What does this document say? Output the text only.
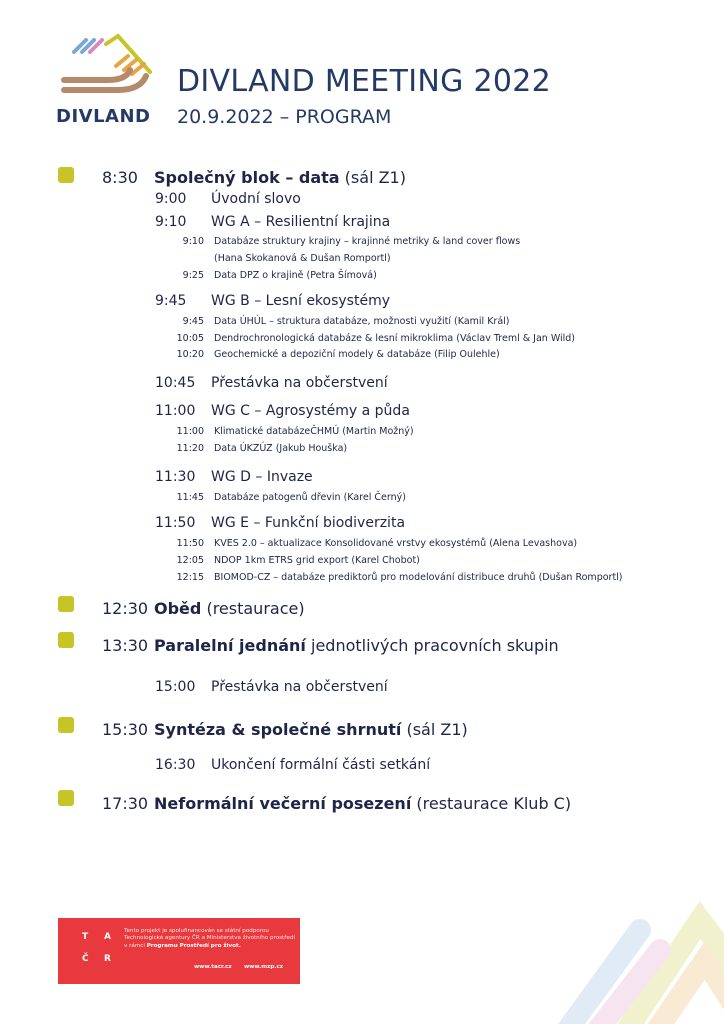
DIVLAND
DIVLAND MEETING 2022
20.9.2022 – PROGRAM
8:30 Společný blok – data (sál Z1)
9:00 Úvodní slovo
9:10 WG A – Resilientní krajina
9:10 Databáze struktury krajiny – krajinné metriky & land cover flows
(Hana Skokanová & Dušan Romportl)
9:25 Data DPZ o krajině (Petra Šímová)
9:45 WG B – Lesní ekosystémy
9:45 Data ÚHÚL – struktura databáze, možnosti využití (Kamil Král)
10:05 Dendrochronologická databáze & lesní mikroklima (Václav Treml & Jan Wild)
10:20 Geochemické a depoziční modely & databáze (Filip Oulehle)
10:45 Přestávka na občerstvení
11:00 WG C – Agrosystémy a půda
11:00 Klimatické databázeČHMÚ (Martin Možný)
11:20 Data ÚKZÚZ (Jakub Houška)
11:30 WG D – Invaze
11:45 Databáze patogenů dřevin (Karel Černý)
11:50 WG E – Funkční biodiverzita
11:50 KVES 2.0 – aktualizace Konsolidované vrstvy ekosystémů (Alena Levashova)
12:05 NDOP 1km ETRS grid export (Karel Chobot)
12:15 BIOMOD-CZ – databáze prediktorů pro modelování distribuce druhů (Dušan Romportl)
12:30 Oběd (restaurace)
13:30 Paralelní jednání jednotlivých pracovních skupin
15:00 Přestávka na občerstvení
15:30 Syntéza & společné shrnutí (sál Z1)
16:30 Ukončení formální části setkání
17:30 Neformální večerní posezení (restaurace Klub C)
T A
Č R
Tento projekt je spolufinancován se státní podporou Technologické agentury ČR a Ministerstva životního prostředí v rámci Programu Prostředí pro život.
www.tacr.cz www.mzp.cz
